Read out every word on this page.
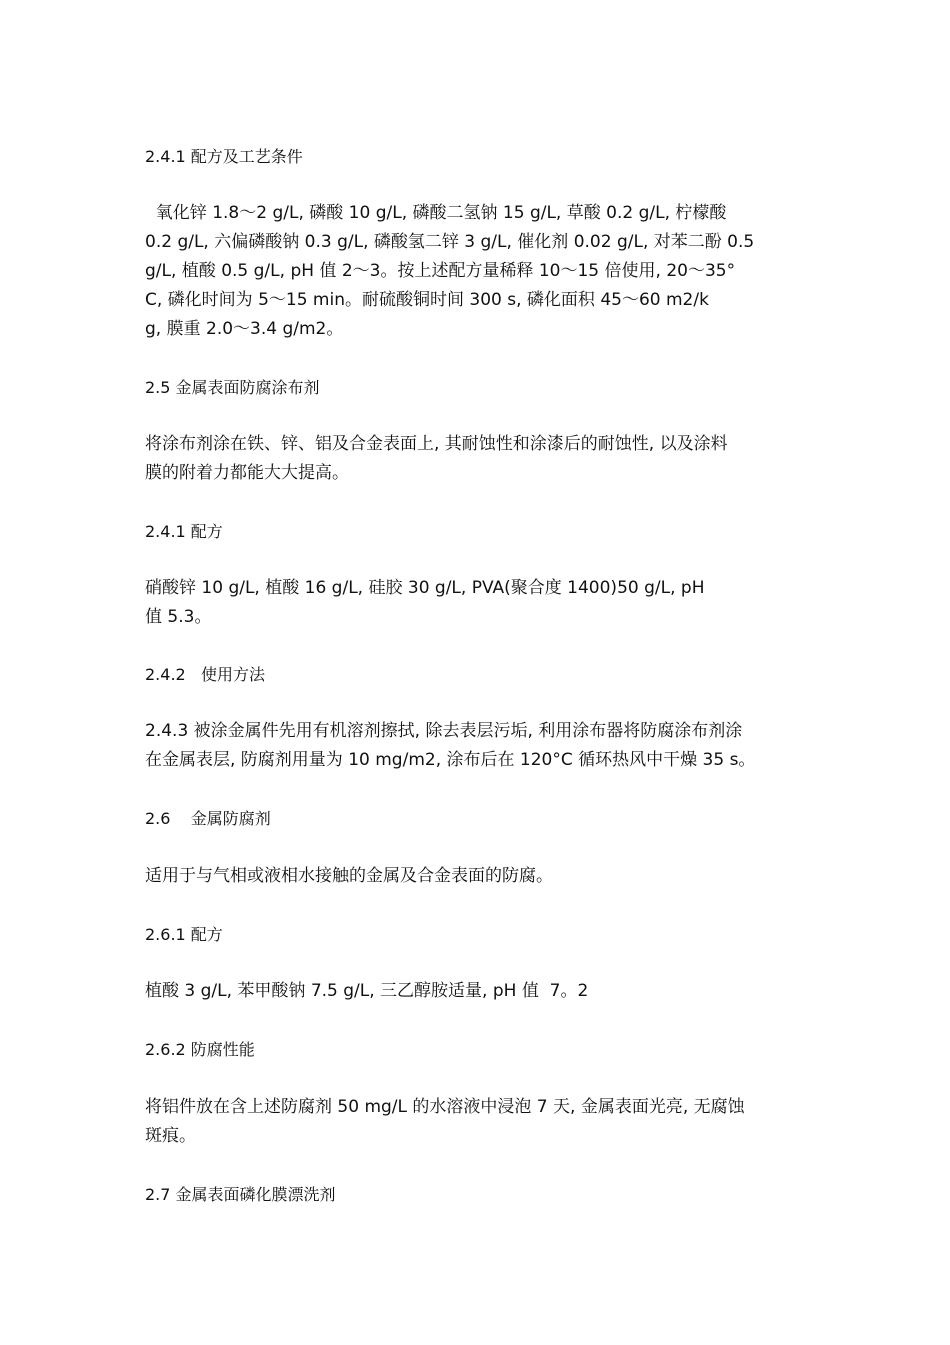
2.4.1 配方及工艺条件
氧化锌 1.8～2 g/L, 磷酸 10 g/L, 磷酸二氢钠 15 g/L, 草酸 0.2 g/L, 柠檬酸
0.2 g/L, 六偏磷酸钠 0.3 g/L, 磷酸氢二锌 3 g/L, 催化剂 0.02 g/L, 对苯二酚 0.5
g/L, 植酸 0.5 g/L, pH 值 2～3。按上述配方量稀释 10～15 倍使用, 20～35°
C, 磷化时间为 5～15 min。耐硫酸铜时间 300 s, 磷化面积 45～60 m2/k
g, 膜重 2.0～3.4 g/m2。
2.5 金属表面防腐涂布剂
将涂布剂涂在铁、锌、铝及合金表面上, 其耐蚀性和涂漆后的耐蚀性, 以及涂料
膜的附着力都能大大提高。
2.4.1 配方
硝酸锌 10 g/L, 植酸 16 g/L, 硅胶 30 g/L, PVA(聚合度 1400)50 g/L, pH
值 5.3。
2.4.2   使用方法
2.4.3 被涂金属件先用有机溶剂擦拭, 除去表层污垢, 利用涂布器将防腐涂布剂涂
在金属表层, 防腐剂用量为 10 mg/m2, 涂布后在 120°C 循环热风中干燥 35 s。
2.6    金属防腐剂
适用于与气相或液相水接触的金属及合金表面的防腐。
2.6.1 配方
植酸 3 g/L, 苯甲酸钠 7.5 g/L, 三乙醇胺适量, pH 值  7。2
2.6.2 防腐性能
将铝件放在含上述防腐剂 50 mg/L 的水溶液中浸泡 7 天, 金属表面光亮, 无腐蚀
斑痕。
2.7 金属表面磷化膜漂洗剂
